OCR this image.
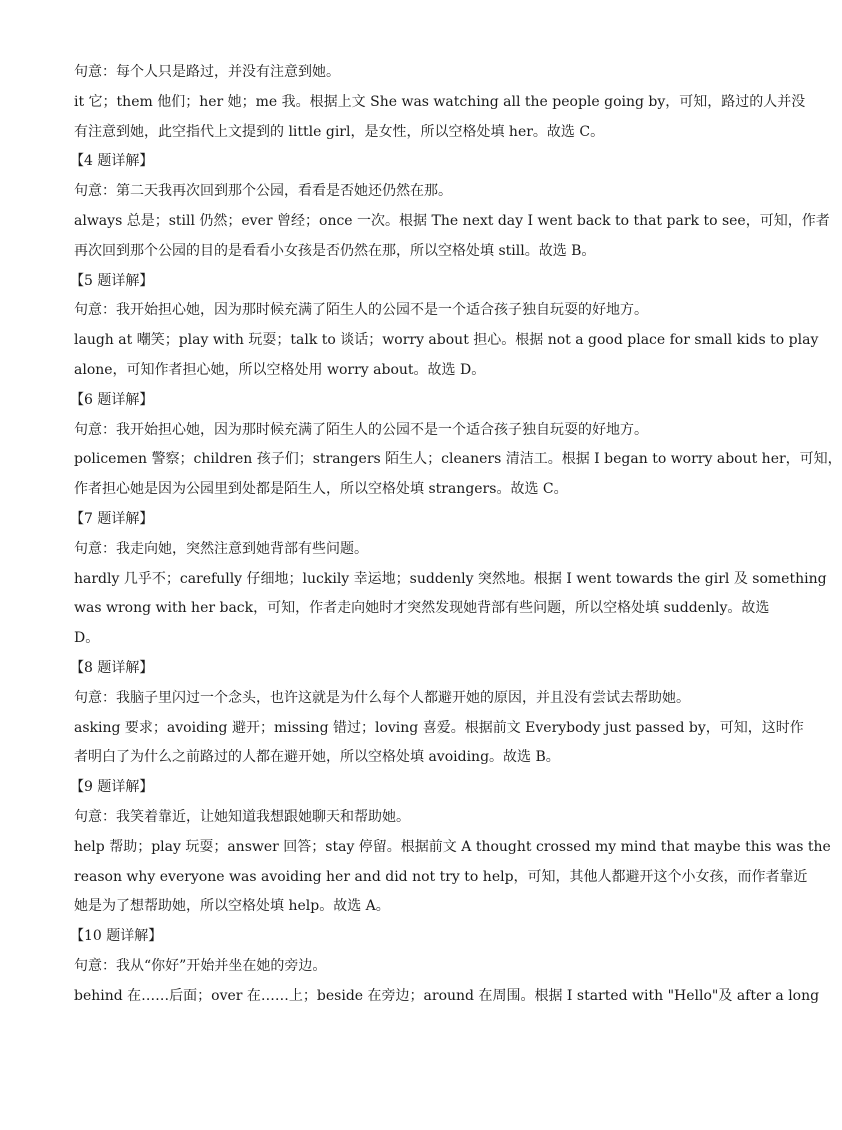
句意：每个人只是路过，并没有注意到她。
it 它；them 他们；her 她；me 我。根据上文 She was watching all the people going by，可知，路过的人并没
有注意到她，此空指代上文提到的 little girl，是女性，所以空格处填 her。故选 C。
【4 题详解】
句意：第二天我再次回到那个公园，看看是否她还仍然在那。
always 总是；still 仍然；ever 曾经；once 一次。根据 The next day I went back to that park to see，可知，作者
再次回到那个公园的目的是看看小女孩是否仍然在那，所以空格处填 still。故选 B。
【5 题详解】
句意：我开始担心她，因为那时候充满了陌生人的公园不是一个适合孩子独自玩耍的好地方。
laugh at 嘲笑；play with 玩耍；talk to 谈话；worry about 担心。根据 not a good place for small kids to play
alone，可知作者担心她，所以空格处用 worry about。故选 D。
【6 题详解】
句意：我开始担心她，因为那时候充满了陌生人的公园不是一个适合孩子独自玩耍的好地方。
policemen 警察；children 孩子们；strangers 陌生人；cleaners 清洁工。根据 I began to worry about her，可知，
作者担心她是因为公园里到处都是陌生人，所以空格处填 strangers。故选 C。
【7 题详解】
句意：我走向她，突然注意到她背部有些问题。
hardly 几乎不；carefully 仔细地；luckily 幸运地；suddenly 突然地。根据 I went towards the girl 及 something
was wrong with her back，可知，作者走向她时才突然发现她背部有些问题，所以空格处填 suddenly。故选
D。
【8 题详解】
句意：我脑子里闪过一个念头，也许这就是为什么每个人都避开她的原因，并且没有尝试去帮助她。
asking 要求；avoiding 避开；missing 错过；loving 喜爱。根据前文 Everybody just passed by，可知，这时作
者明白了为什么之前路过的人都在避开她，所以空格处填 avoiding。故选 B。
【9 题详解】
句意：我笑着靠近，让她知道我想跟她聊天和帮助她。
help 帮助；play 玩耍；answer 回答；stay 停留。根据前文 A thought crossed my mind that maybe this was the
reason why everyone was avoiding her and did not try to help，可知，其他人都避开这个小女孩，而作者靠近
她是为了想帮助她，所以空格处填 help。故选 A。
【10 题详解】
句意：我从“你好”开始并坐在她的旁边。
behind 在……后面；over 在……上；beside 在旁边；around 在周围。根据 I started with "Hello"及 after a long
